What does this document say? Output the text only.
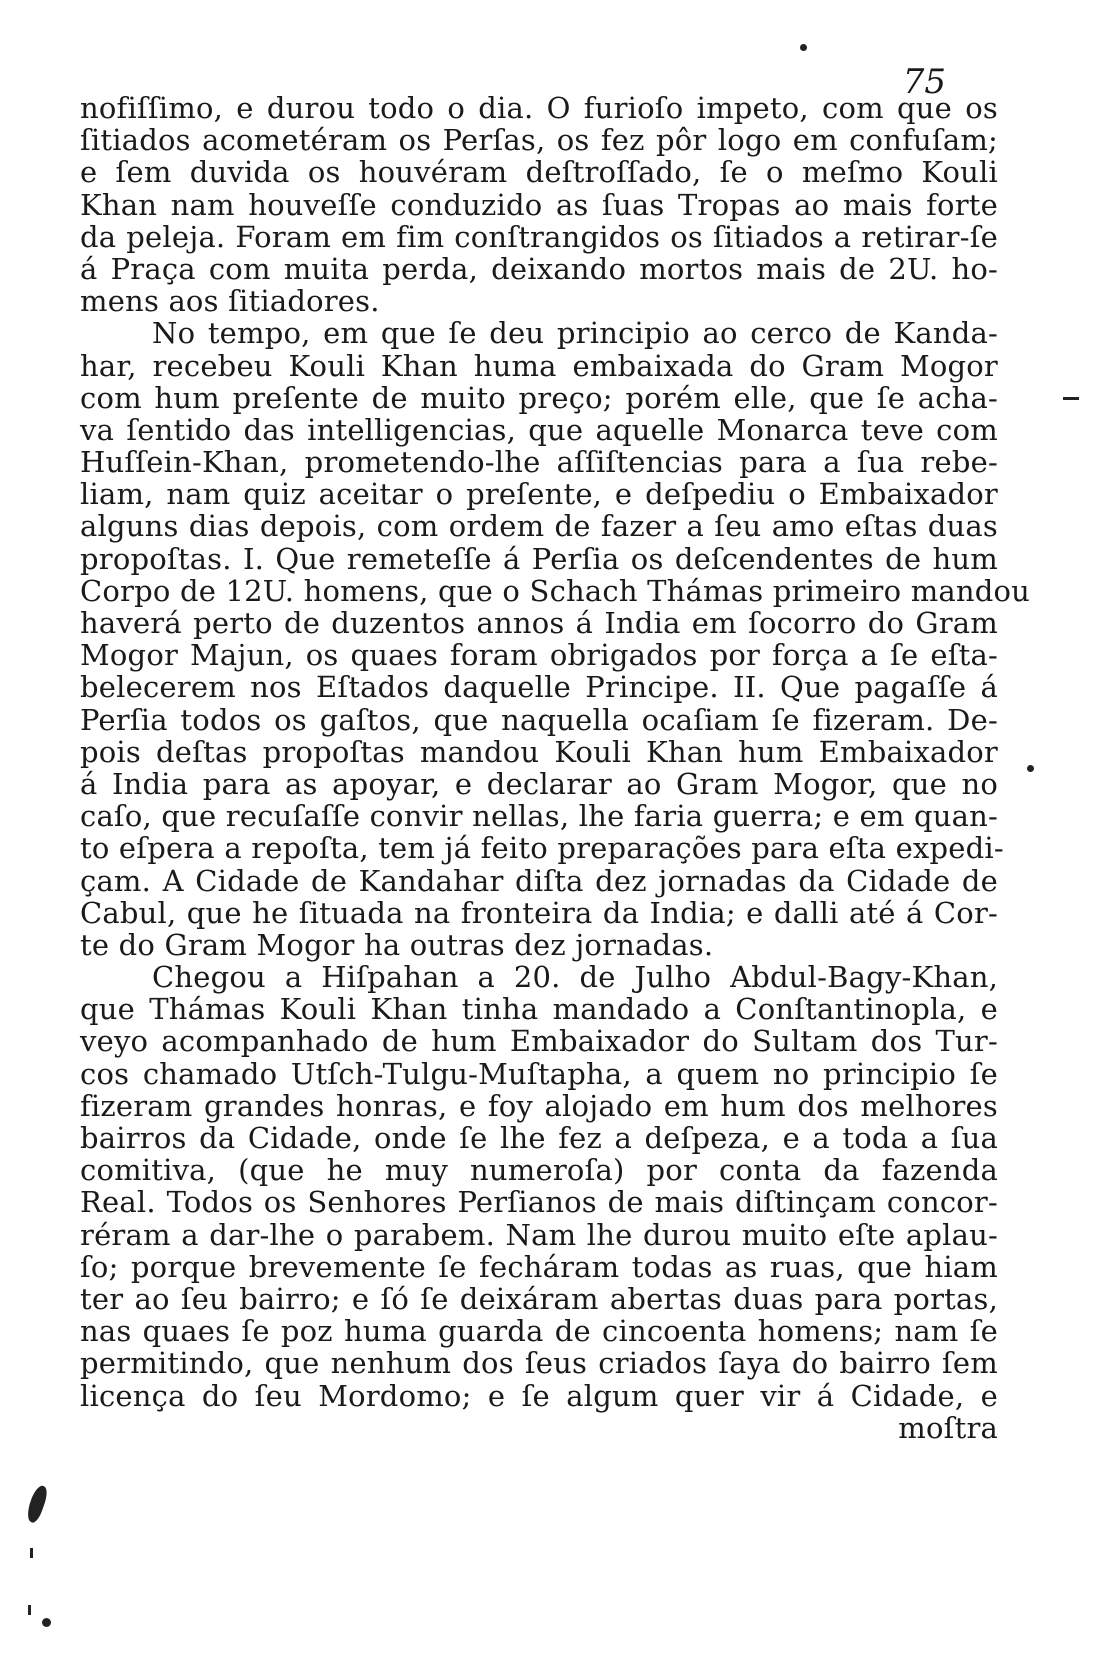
75
nofiſſimo, e durou todo o dia. O furioſo impeto, com que os
ſitiados acometéram os Perſas, os fez pôr logo em confuſam;
e ſem duvida os houvéram deſtroſſado, ſe o meſmo Kouli
Khan nam houveſſe conduzido as ſuas Tropas ao mais forte
da peleja. Foram em fim conſtrangidos os ſitiados a retirar-ſe
á Praça com muita perda, deixando mortos mais de 2U. ho-
mens aos ſitiadores.
No tempo, em que ſe deu principio ao cerco de Kanda-
har, recebeu Kouli Khan huma embaixada do Gram Mogor
com hum preſente de muito preço; porém elle, que ſe acha-
va ſentido das intelligencias, que aquelle Monarca teve com
Huſſein-Khan, prometendo-lhe aſſiſtencias para a ſua rebe-
liam, nam quiz aceitar o preſente, e deſpediu o Embaixador
alguns dias depois, com ordem de fazer a ſeu amo eſtas duas
propoſtas. I. Que remeteſſe á Perſia os deſcendentes de hum
Corpo de 12U. homens, que o Schach Thámas primeiro mandou
haverá perto de duzentos annos á India em ſocorro do Gram
Mogor Majun, os quaes foram obrigados por força a ſe eſta-
belecerem nos Eſtados daquelle Principe. II. Que pagaſſe á
Perſia todos os gaſtos, que naquella ocaſiam ſe fizeram. De-
pois deſtas propoſtas mandou Kouli Khan hum Embaixador
á India para as apoyar, e declarar ao Gram Mogor, que no
caſo, que recuſaſſe convir nellas, lhe faria guerra; e em quan-
to eſpera a repoſta, tem já feito preparações para eſta expedi-
çam. A Cidade de Kandahar diſta dez jornadas da Cidade de
Cabul, que he ſituada na fronteira da India; e dalli até á Cor-
te do Gram Mogor ha outras dez jornadas.
Chegou a Hiſpahan a 20. de Julho Abdul-Bagy-Khan,
que Thámas Kouli Khan tinha mandado a Conſtantinopla, e
veyo acompanhado de hum Embaixador do Sultam dos Tur-
cos chamado Utſch-Tulgu-Muſtapha, a quem no principio ſe
fizeram grandes honras, e foy alojado em hum dos melhores
bairros da Cidade, onde ſe lhe fez a deſpeza, e a toda a ſua
comitiva, (que he muy numeroſa) por conta da fazenda
Real. Todos os Senhores Perſianos de mais diſtinçam concor-
réram a dar-lhe o parabem. Nam lhe durou muito eſte aplau-
ſo; porque brevemente ſe fecháram todas as ruas, que hiam
ter ao ſeu bairro; e ſó ſe deixáram abertas duas para portas,
nas quaes ſe poz huma guarda de cincoenta homens; nam ſe
permitindo, que nenhum dos ſeus criados ſaya do bairro ſem
licença do ſeu Mordomo; e ſe algum quer vir á Cidade, e
moſtra
